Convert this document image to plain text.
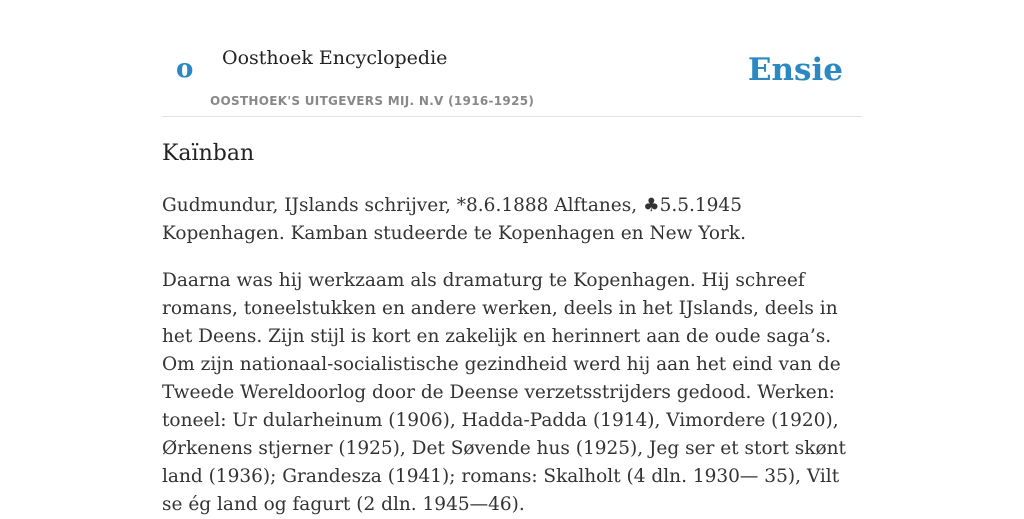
o Oosthoek Encyclopedie
OOSTHOEK'S UITGEVERS MIJ. N.V (1916-1925)
Ensie
Kaïnban

Gudmundur, IJslands schrijver, *8.6.1888 Alftanes, ♣5.5.1945 Kopenhagen. Kamban studeerde te Kopenhagen en New York.

Daarna was hij werkzaam als dramaturg te Kopenhagen. Hij schreef romans, toneelstukken en andere werken, deels in het IJslands, deels in het Deens. Zijn stijl is kort en zakelijk en herinnert aan de oude saga’s. Om zijn nationaal-socialistische gezindheid werd hij aan het eind van de Tweede Wereldoorlog door de Deense verzetsstrijders gedood. Werken: toneel: Ur dularheinum (1906), Hadda-Padda (1914), Vimordere (1920), Ørkenens stjerner (1925), Det Søvende hus (1925), Jeg ser et stort skønt land (1936); Grandesza (1941); romans: Skalholt (4 dln. 1930— 35), Vilt se ég land og fagurt (2 dln. 1945—46).
